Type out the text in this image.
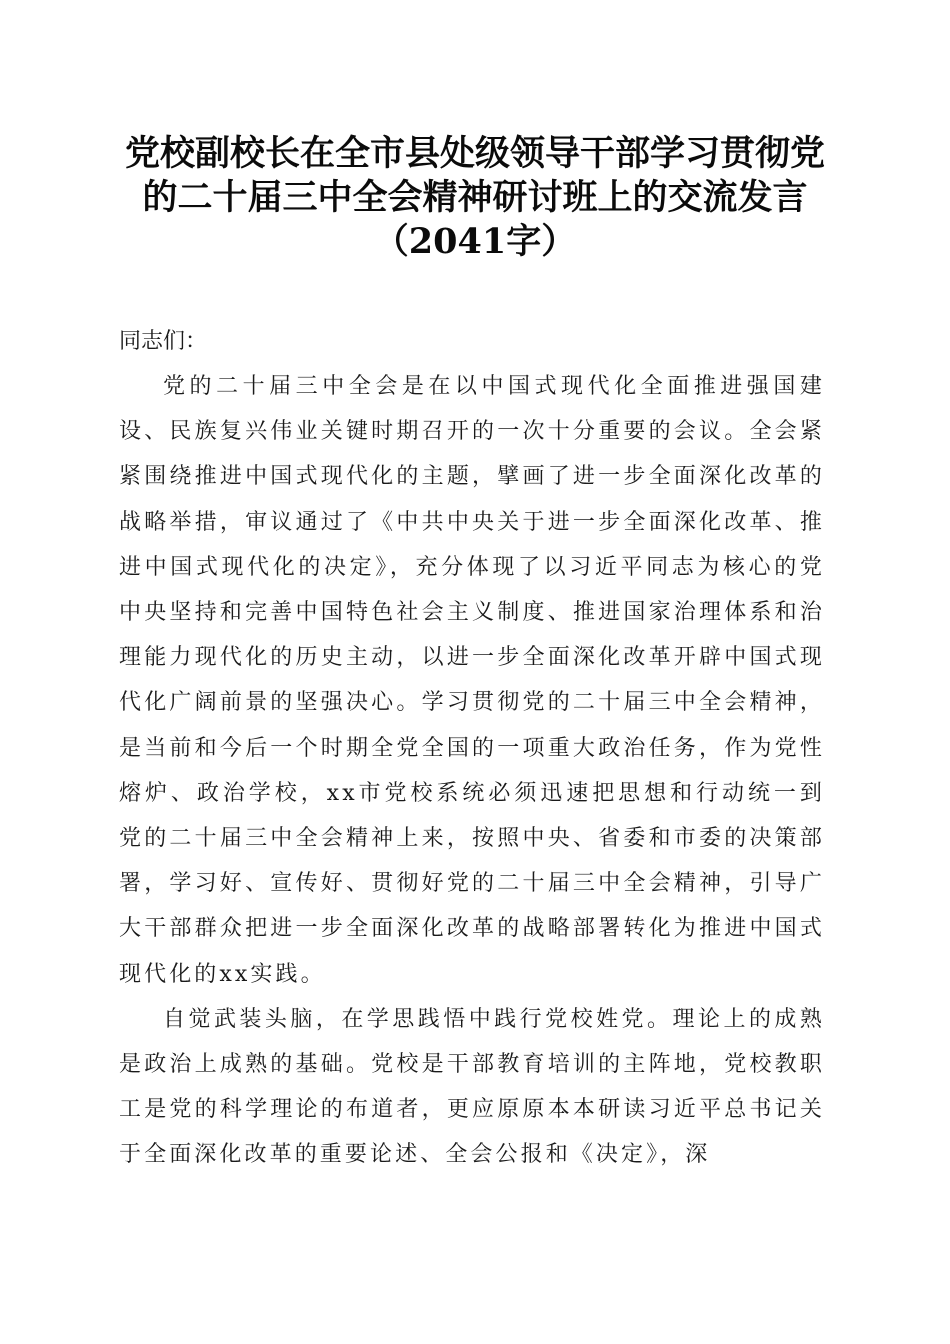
党校副校长在全市县处级领导干部学习贯彻党
的二十届三中全会精神研讨班上的交流发言
（2041字）
同志们：

党的二十届三中全会是在以中国式现代化全面推进强国建设、民族复兴伟业关键时期召开的一次十分重要的会议。全会紧紧围绕推进中国式现代化的主题，擘画了进一步全面深化改革的战略举措，审议通过了《中共中央关于进一步全面深化改革、推进中国式现代化的决定》，充分体现了以习近平同志为核心的党中央坚持和完善中国特色社会主义制度、推进国家治理体系和治理能力现代化的历史主动，以进一步全面深化改革开辟中国式现代化广阔前景的坚强决心。学习贯彻党的二十届三中全会精神，是当前和今后一个时期全党全国的一项重大政治任务，作为党性熔炉、政治学校，xx市党校系统必须迅速把思想和行动统一到党的二十届三中全会精神上来，按照中央、省委和市委的决策部署，学习好、宣传好、贯彻好党的二十届三中全会精神，引导广大干部群众把进一步全面深化改革的战略部署转化为推进中国式现代化的xx实践。

自觉武装头脑，在学思践悟中践行党校姓党。理论上的成熟是政治上成熟的基础。党校是干部教育培训的主阵地，党校教职工是党的科学理论的布道者，更应原原本本研读习近平总书记关于全面深化改革的重要论述、全会公报和《决定》，深
